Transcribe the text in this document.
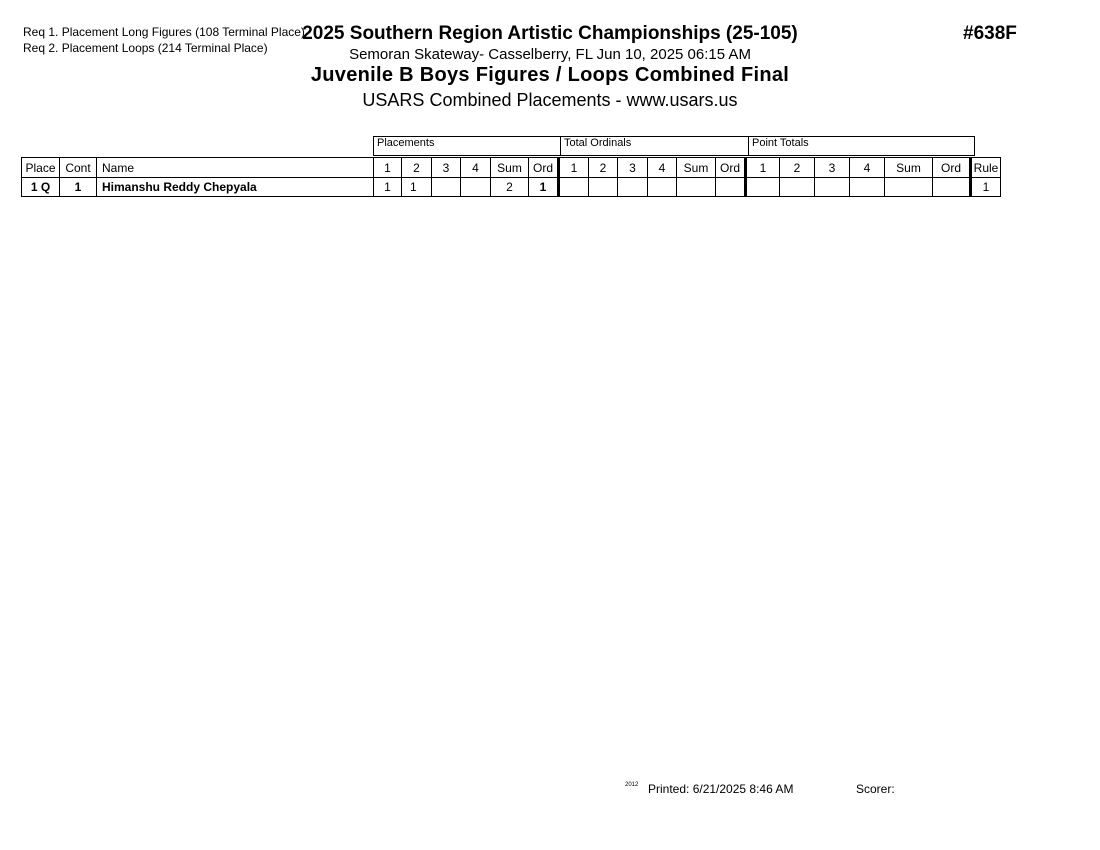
Req 1. Placement Long Figures (108 Terminal Place)
Req 2. Placement Loops (214 Terminal Place)
2025 Southern Region Artistic Championships (25-105)
Semoran Skateway- Casselberry, FL Jun 10, 2025 06:15 AM
Juvenile B Boys Figures / Loops Combined Final
USARS Combined Placements - www.usars.us
#638F
Placements	Total Ordinals	Point Totals
Place	Cont	Name	1	2	3	4	Sum	Ord	1	2	3	4	Sum	Ord	1	2	3	4	Sum	Ord	Rule
1 Q	1	Himanshu Reddy Chepyala	1	1			2	1													1
2012 Printed: 6/21/2025 8:46 AM	Scorer:
